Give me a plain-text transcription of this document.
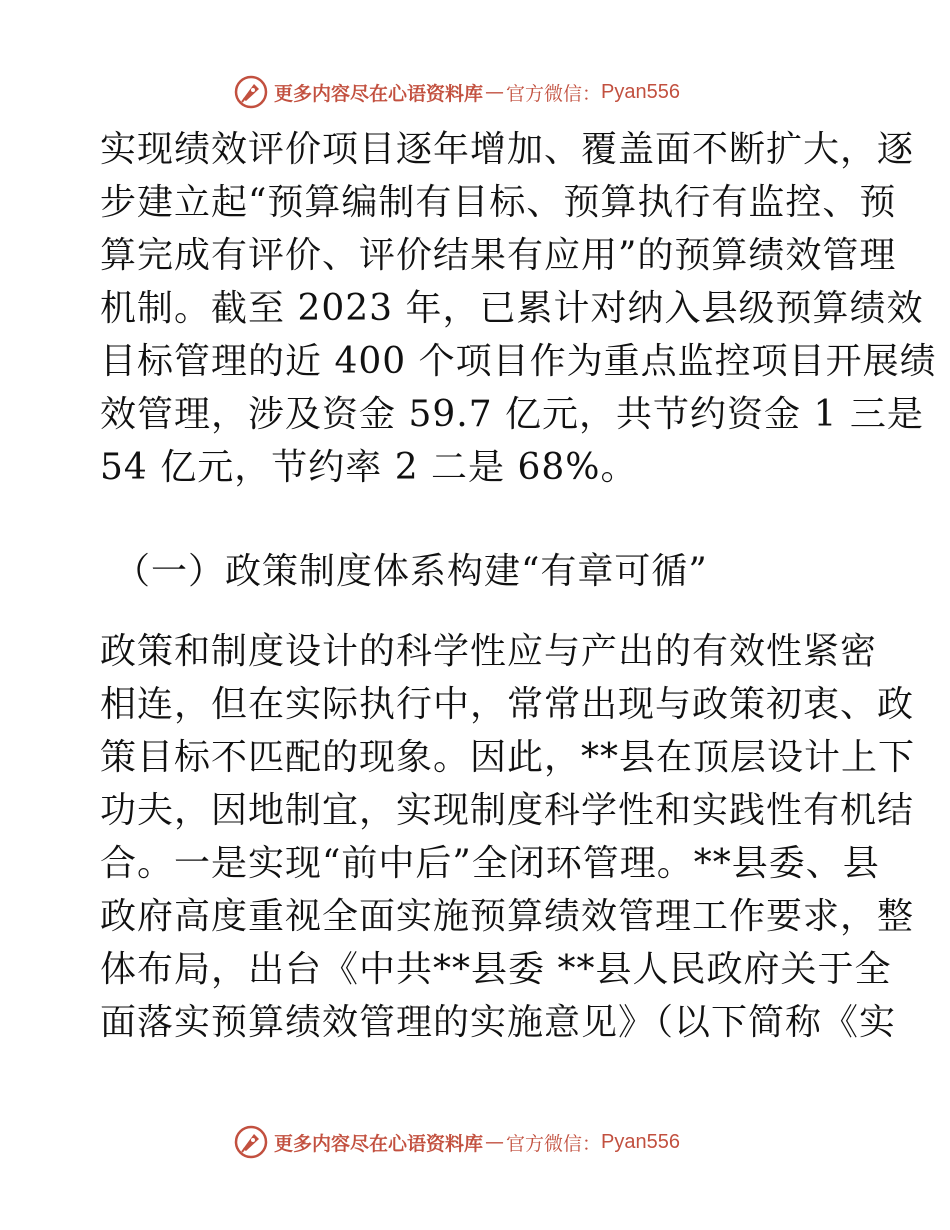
更多内容尽在心语资料库 — 官方微信： Pyan556

实现绩效评价项目逐年增加、覆盖面不断扩大，逐

步建立起“预算编制有目标、预算执行有监控、预

算完成有评价、评价结果有应用”的预算绩效管理

机制。截至 2023 年，已累计对纳入县级预算绩效

目标管理的近 400 个项目作为重点监控项目开展绩

效管理，涉及资金 59.7 亿元，共节约资金 1 三是

54 亿元，节约率 2 二是 68%。

（一）政策制度体系构建“有章可循”

政策和制度设计的科学性应与产出的有效性紧密

相连，但在实际执行中，常常出现与政策初衷、政

策目标不匹配的现象。因此，**县在顶层设计上下

功夫，因地制宜，实现制度科学性和实践性有机结

合。一是实现“前中后”全闭环管理。**县委、县

政府高度重视全面实施预算绩效管理工作要求，整

体布局，出台《中共**县委 **县人民政府关于全

面落实预算绩效管理的实施意见》（以下简称《实

更多内容尽在心语资料库 — 官方微信： Pyan556
